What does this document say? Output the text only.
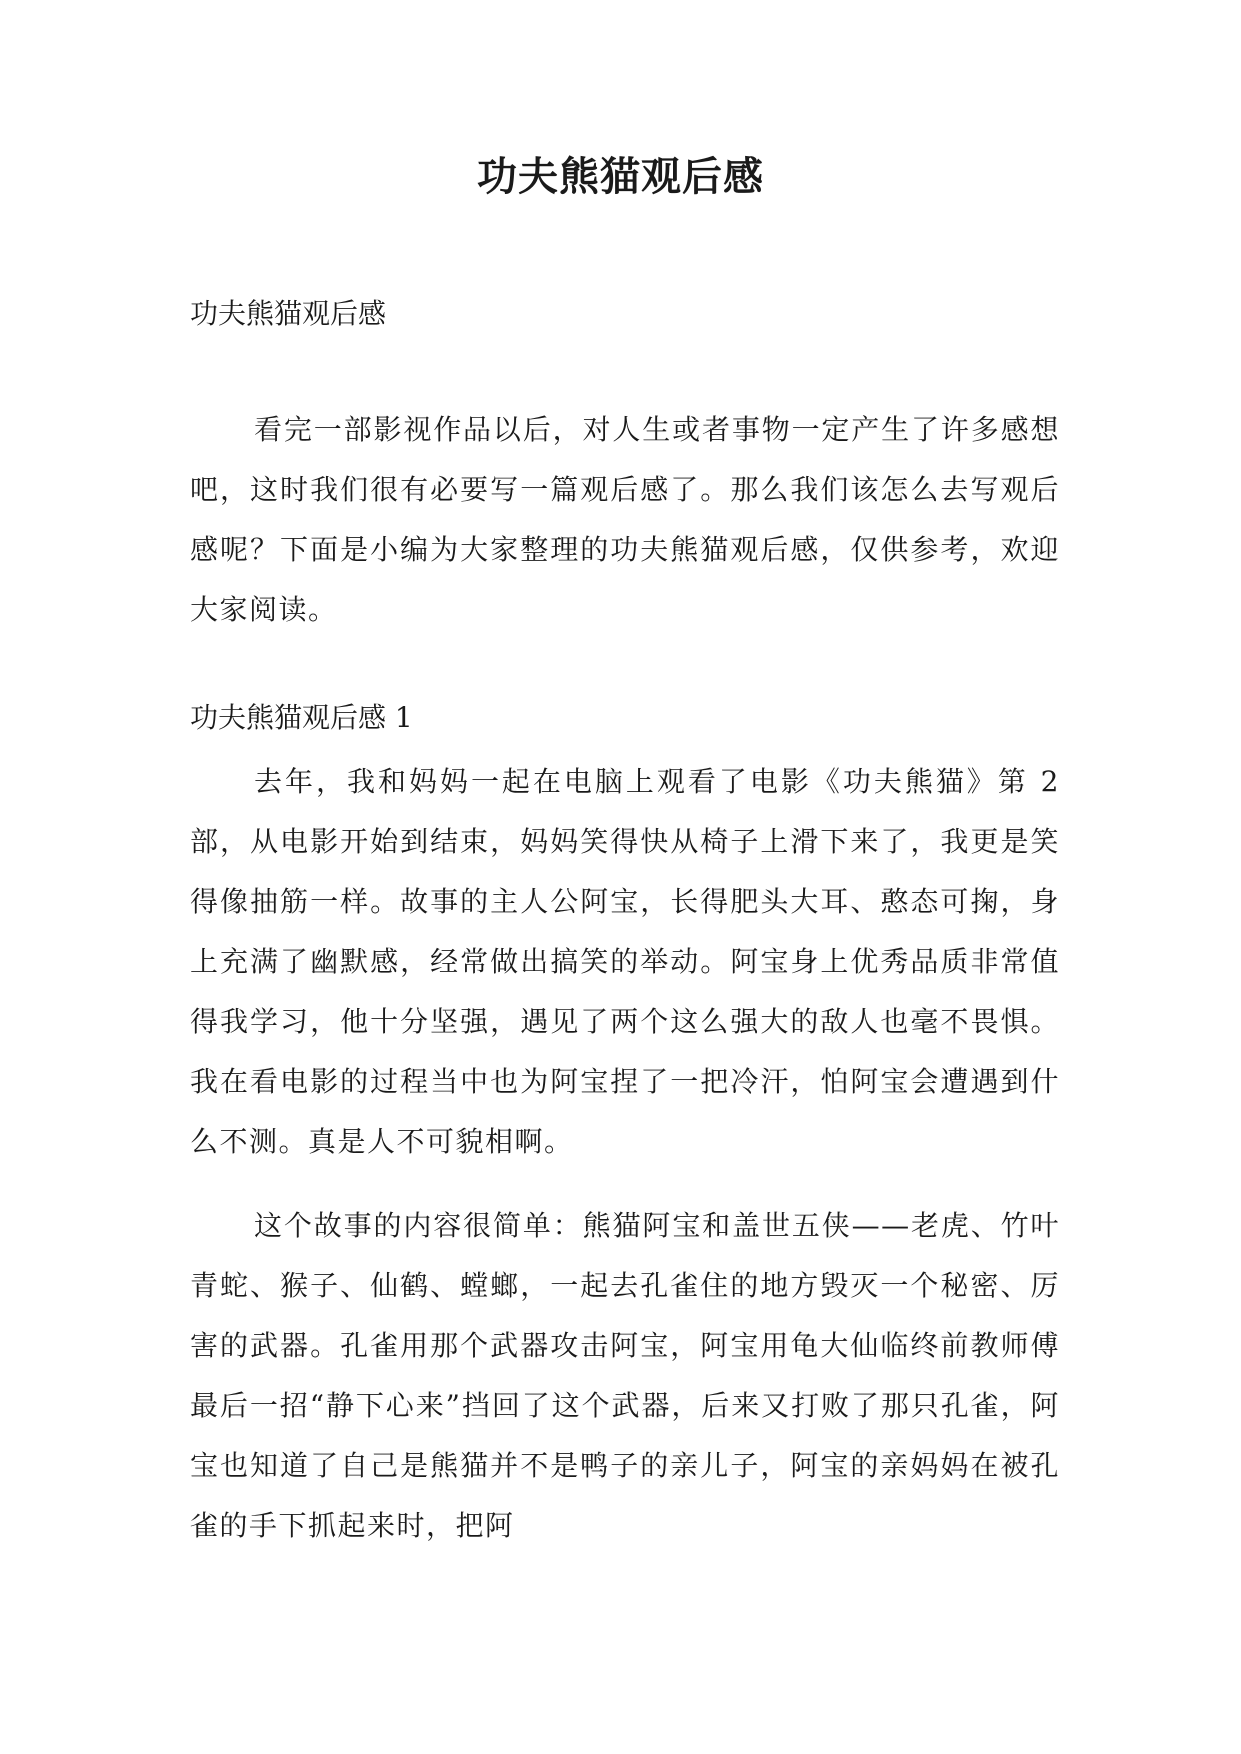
功夫熊猫观后感

功夫熊猫观后感

看完一部影视作品以后，对人生或者事物一定产生了许多感想吧，这时我们很有必要写一篇观后感了。那么我们该怎么去写观后感呢？下面是小编为大家整理的功夫熊猫观后感，仅供参考，欢迎大家阅读。

功夫熊猫观后感 1

去年，我和妈妈一起在电脑上观看了电影《功夫熊猫》第 2 部，从电影开始到结束，妈妈笑得快从椅子上滑下来了，我更是笑得像抽筋一样。故事的主人公阿宝，长得肥头大耳、憨态可掬，身上充满了幽默感，经常做出搞笑的举动。阿宝身上优秀品质非常值得我学习，他十分坚强，遇见了两个这么强大的敌人也毫不畏惧。我在看电影的过程当中也为阿宝捏了一把冷汗，怕阿宝会遭遇到什么不测。真是人不可貌相啊。

这个故事的内容很简单：熊猫阿宝和盖世五侠——老虎、竹叶青蛇、猴子、仙鹤、螳螂，一起去孔雀住的地方毁灭一个秘密、厉害的武器。孔雀用那个武器攻击阿宝，阿宝用龟大仙临终前教师傅最后一招“静下心来”挡回了这个武器，后来又打败了那只孔雀，阿宝也知道了自己是熊猫并不是鸭子的亲儿子，阿宝的亲妈妈在被孔雀的手下抓起来时，把阿
